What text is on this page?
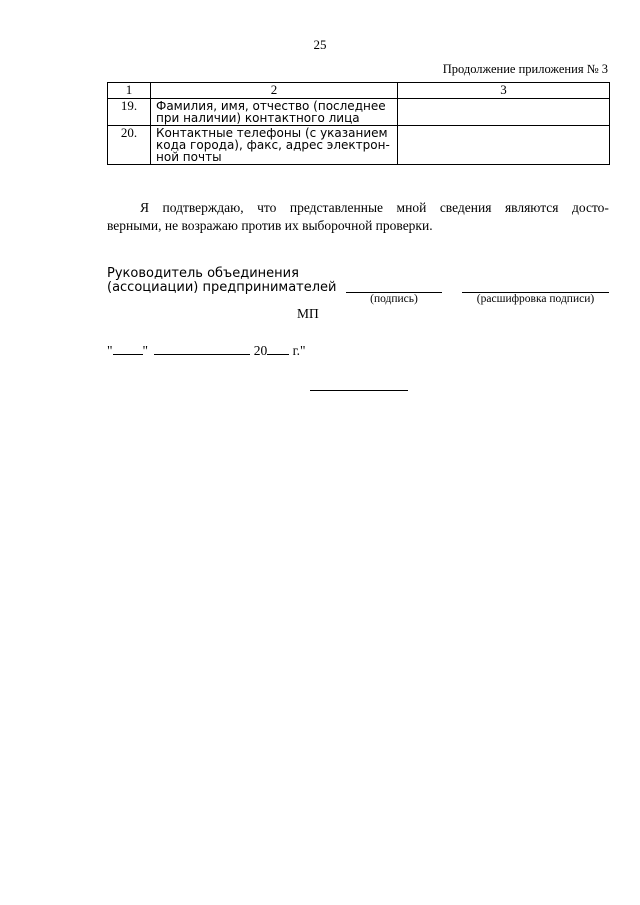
25
Продолжение приложения № 3
1	2	3
19.	Фамилия, имя, отчество (последнее
при наличии) контактного лица	

20.	Контактные телефоны (с указанием
кода города), факс, адрес электрон-
ной почты	

Я подтверждаю, что представленные мной сведения являются досто-
верными, не возражаю против их выборочной проверки.
Руководитель объединения
(ассоциации) предпринимателей
(подпись)	(расшифровка подписи)
МП
" "	20 г."
